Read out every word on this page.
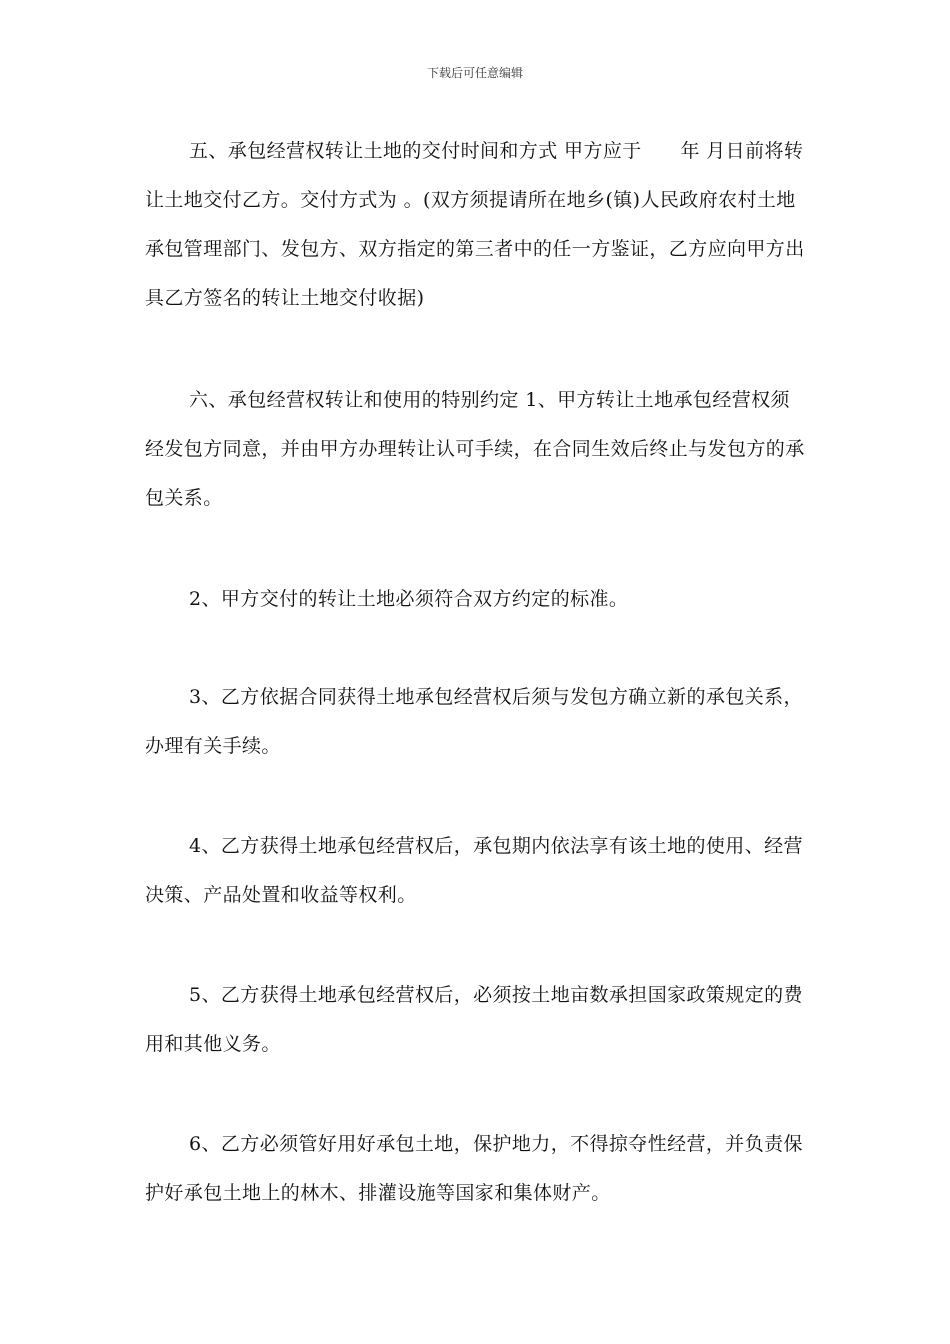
下载后可任意编辑

五、承包经营权转让土地的交付时间和方式 甲方应于　　年 月日前将转让土地交付乙方。交付方式为 。(双方须提请所在地乡(镇)人民政府农村土地承包管理部门、发包方、双方指定的第三者中的任一方鉴证，乙方应向甲方出具乙方签名的转让土地交付收据)

六、承包经营权转让和使用的特别约定 1、甲方转让土地承包经营权须经发包方同意，并由甲方办理转让认可手续，在合同生效后终止与发包方的承包关系。

2、甲方交付的转让土地必须符合双方约定的标准。

3、乙方依据合同获得土地承包经营权后须与发包方确立新的承包关系，办理有关手续。

4、乙方获得土地承包经营权后，承包期内依法享有该土地的使用、经营决策、产品处置和收益等权利。

5、乙方获得土地承包经营权后，必须按土地亩数承担国家政策规定的费用和其他义务。

6、乙方必须管好用好承包土地，保护地力，不得掠夺性经营，并负责保护好承包土地上的林木、排灌设施等国家和集体财产。
